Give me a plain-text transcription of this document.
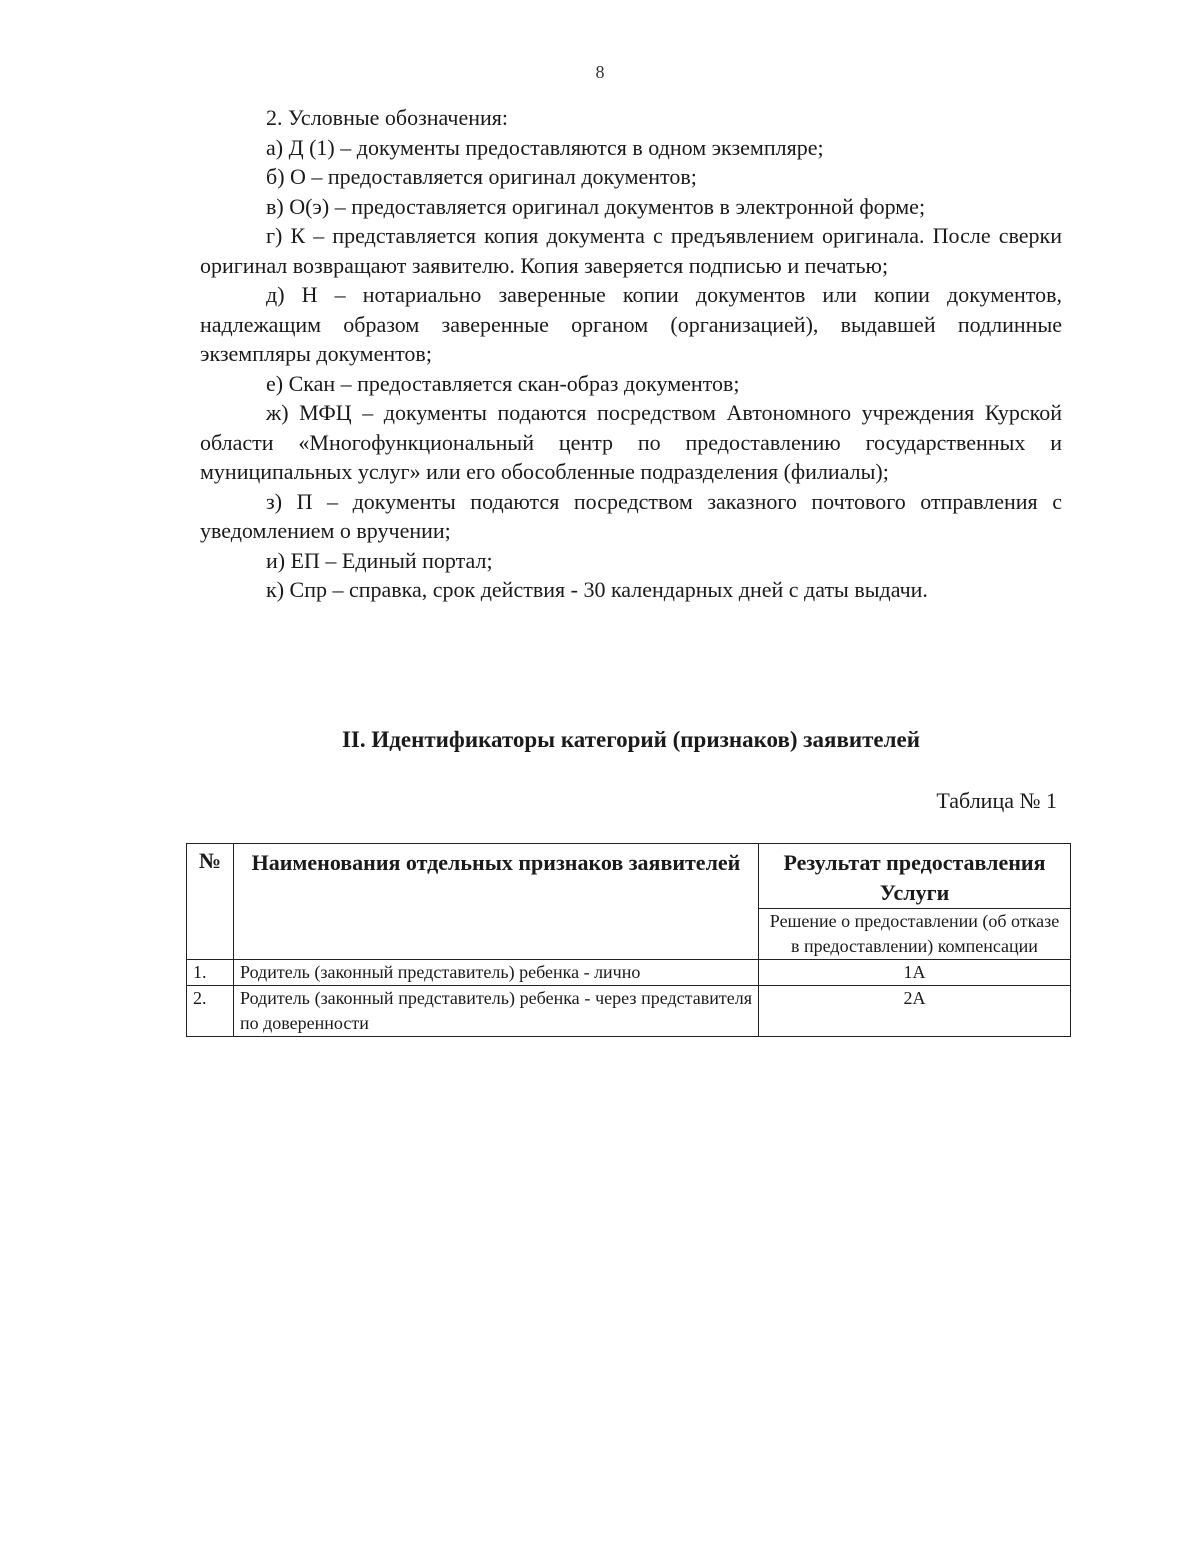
8

2. Условные обозначения:

а) Д (1) – документы предоставляются в одном экземпляре;

б) О – предоставляется оригинал документов;

в) О(э) – предоставляется оригинал документов в электронной форме;

г) К – представляется копия документа с предъявлением оригинала. После сверки оригинал возвращают заявителю. Копия заверяется подписью и печатью;

д) Н – нотариально заверенные копии документов или копии документов, надлежащим образом заверенные органом (организацией), выдавшей подлинные экземпляры документов;

е) Скан – предоставляется скан-образ документов;

ж) МФЦ – документы подаются посредством Автономного учреждения Курской области «Многофункциональный центр по предоставлению государственных и муниципальных услуг» или его обособленные подразделения (филиалы);

з) П – документы подаются посредством заказного почтового отправления с уведомлением о вручении;

и) ЕП – Единый портал;

к) Спр – справка, срок действия - 30 календарных дней с даты выдачи.

II. Идентификаторы категорий (признаков) заявителей
Таблица № 1
№	Наименования отдельных признаков заявителей	Результат предоставления Услуги
		Решение о предоставлении (об отказе в предоставлении) компенсации
1.	Родитель (законный представитель) ребенка - лично	1А
2.	Родитель (законный представитель) ребенка - через представителя по доверенности	2А
